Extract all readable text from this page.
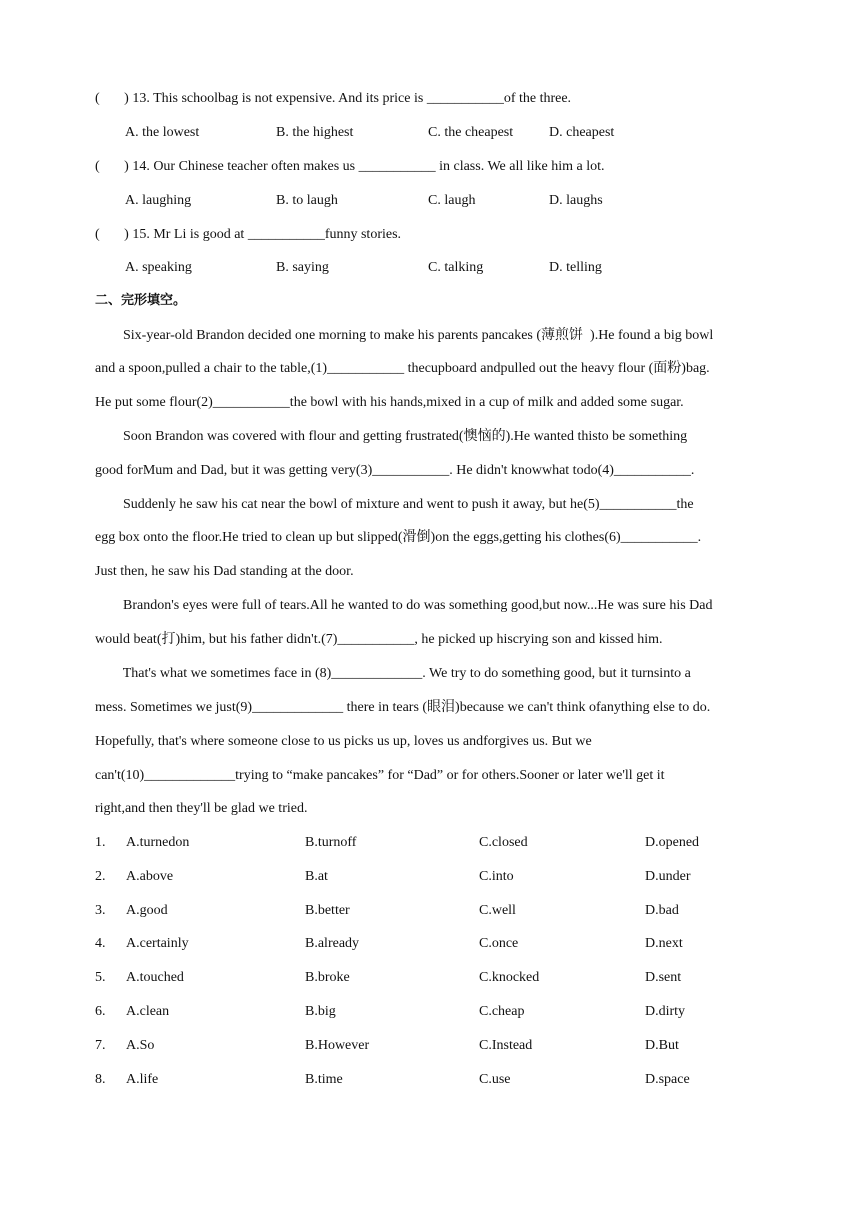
(       ) 13. This schoolbag is not expensive. And its price is ___________of the three.
A. the lowest	B. the highest	C. the cheapest	D. cheapest
(       ) 14. Our Chinese teacher often makes us ___________ in class. We all like him a lot.
A. laughing	B. to laugh	C. laugh	D. laughs
(       ) 15. Mr Li is good at ___________funny stories.
A. speaking	B. saying	C. talking	D. telling
二、完形填空。
Six-year-old Brandon decided one morning to make his parents pancakes (薄煎饼  ).He found a big bowl
and a spoon,pulled a chair to the table,(1)___________ thecupboard andpulled out the heavy flour (面粉)bag.
He put some flour(2)___________the bowl with his hands,mixed in a cup of milk and added some sugar.
Soon Brandon was covered with flour and getting frustrated(懊恼的).He wanted thisto be something
good forMum and Dad, but it was getting very(3)___________. He didn't knowwhat todo(4)___________.
Suddenly he saw his cat near the bowl of mixture and went to push it away, but he(5)___________the
egg box onto the floor.He tried to clean up but slipped(滑倒)on the eggs,getting his clothes(6)___________.
Just then, he saw his Dad standing at the door.
Brandon's eyes were full of tears.All he wanted to do was something good,but now...He was sure his Dad
would beat(打)him, but his father didn't.(7)___________, he picked up hiscrying son and kissed him.
That's what we sometimes face in (8)_____________. We try to do something good, but it turnsinto a
mess. Sometimes we just(9)_____________ there in tears (眼泪)because we can't think ofanything else to do.
Hopefully, that's where someone close to us picks us up, loves us andforgives us. But we
can't(10)_____________trying to “make pancakes” for “Dad” or for others.Sooner or later we'll get it
right,and then they'll be glad we tried.
1. A.turnedon	B.turnoff	C.closed	D.opened
2. A.above	B.at	C.into	D.under
3. A.good	B.better	C.well	D.bad
4. A.certainly	B.already	C.once	D.next
5. A.touched	B.broke	C.knocked	D.sent
6. A.clean	B.big	C.cheap	D.dirty
7. A.So	B.However	C.Instead	D.But
8. A.life	B.time	C.use	D.space
